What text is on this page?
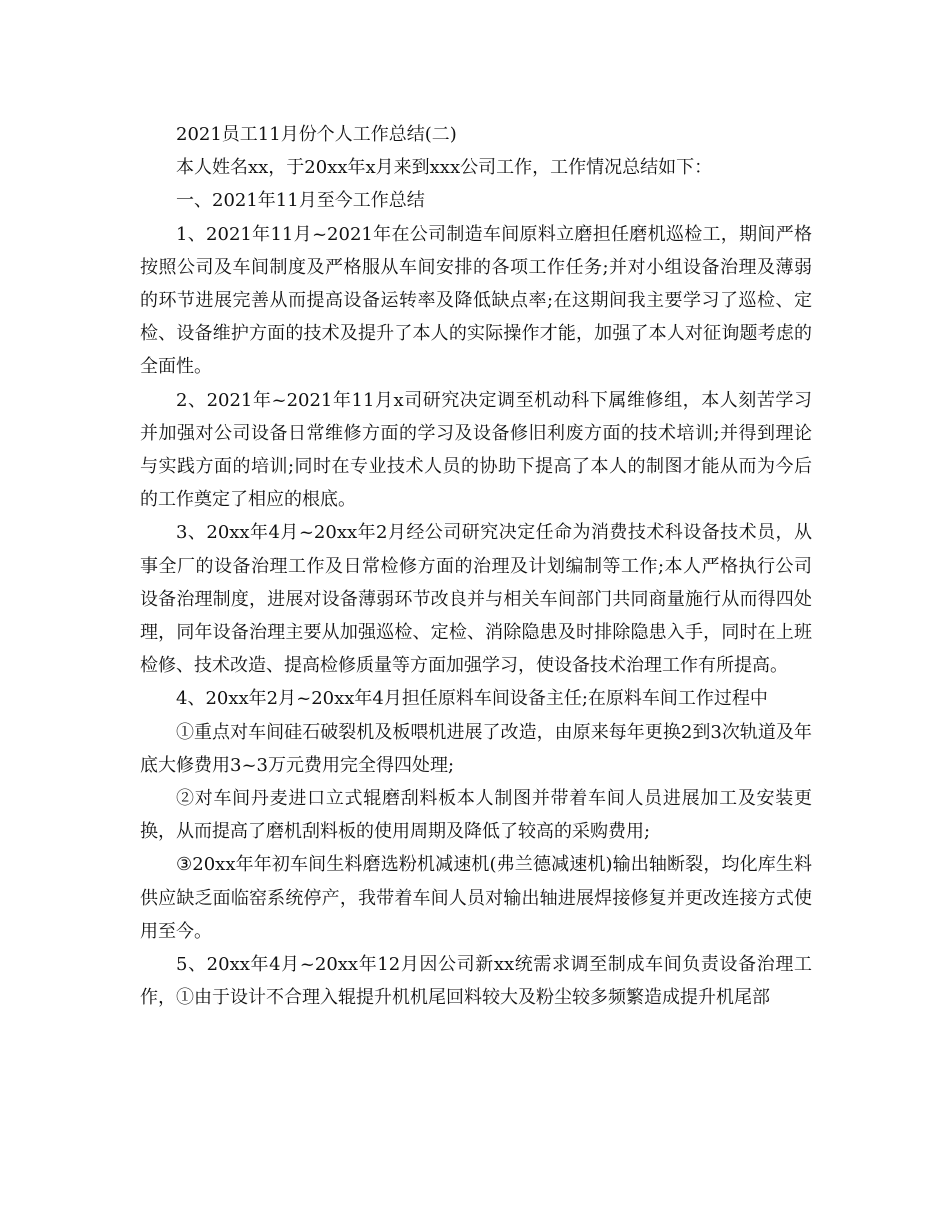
2021员工11月份个人工作总结(二)

本人姓名xx，于20xx年x月来到xxx公司工作，工作情况总结如下：

一、2021年11月至今工作总结

1、2021年11月~2021年在公司制造车间原料立磨担任磨机巡检工，期间严格按照公司及车间制度及严格服从车间安排的各项工作任务;并对小组设备治理及薄弱的环节进展完善从而提高设备运转率及降低缺点率;在这期间我主要学习了巡检、定检、设备维护方面的技术及提升了本人的实际操作才能，加强了本人对征询题考虑的全面性。

2、2021年~2021年11月x司研究决定调至机动科下属维修组，本人刻苦学习并加强对公司设备日常维修方面的学习及设备修旧利废方面的技术培训;并得到理论与实践方面的培训;同时在专业技术人员的协助下提高了本人的制图才能从而为今后的工作奠定了相应的根底。

3、20xx年4月~20xx年2月经公司研究决定任命为消费技术科设备技术员，从事全厂的设备治理工作及日常检修方面的治理及计划编制等工作;本人严格执行公司设备治理制度，进展对设备薄弱环节改良并与相关车间部门共同商量施行从而得四处理，同年设备治理主要从加强巡检、定检、消除隐患及时排除隐患入手，同时在上班检修、技术改造、提高检修质量等方面加强学习，使设备技术治理工作有所提高。

4、20xx年2月~20xx年4月担任原料车间设备主任;在原料车间工作过程中

①重点对车间硅石破裂机及板喂机进展了改造，由原来每年更换2到3次轨道及年底大修费用3~3万元费用完全得四处理;

②对车间丹麦进口立式辊磨刮料板本人制图并带着车间人员进展加工及安装更换，从而提高了磨机刮料板的使用周期及降低了较高的采购费用;

③20xx年年初车间生料磨选粉机减速机(弗兰德减速机)输出轴断裂，均化库生料供应缺乏面临窑系统停产，我带着车间人员对输出轴进展焊接修复并更改连接方式使用至今。

5、20xx年4月~20xx年12月因公司新xx统需求调至制成车间负责设备治理工作，①由于设计不合理入辊提升机机尾回料较大及粉尘较多频繁造成提升机尾部
